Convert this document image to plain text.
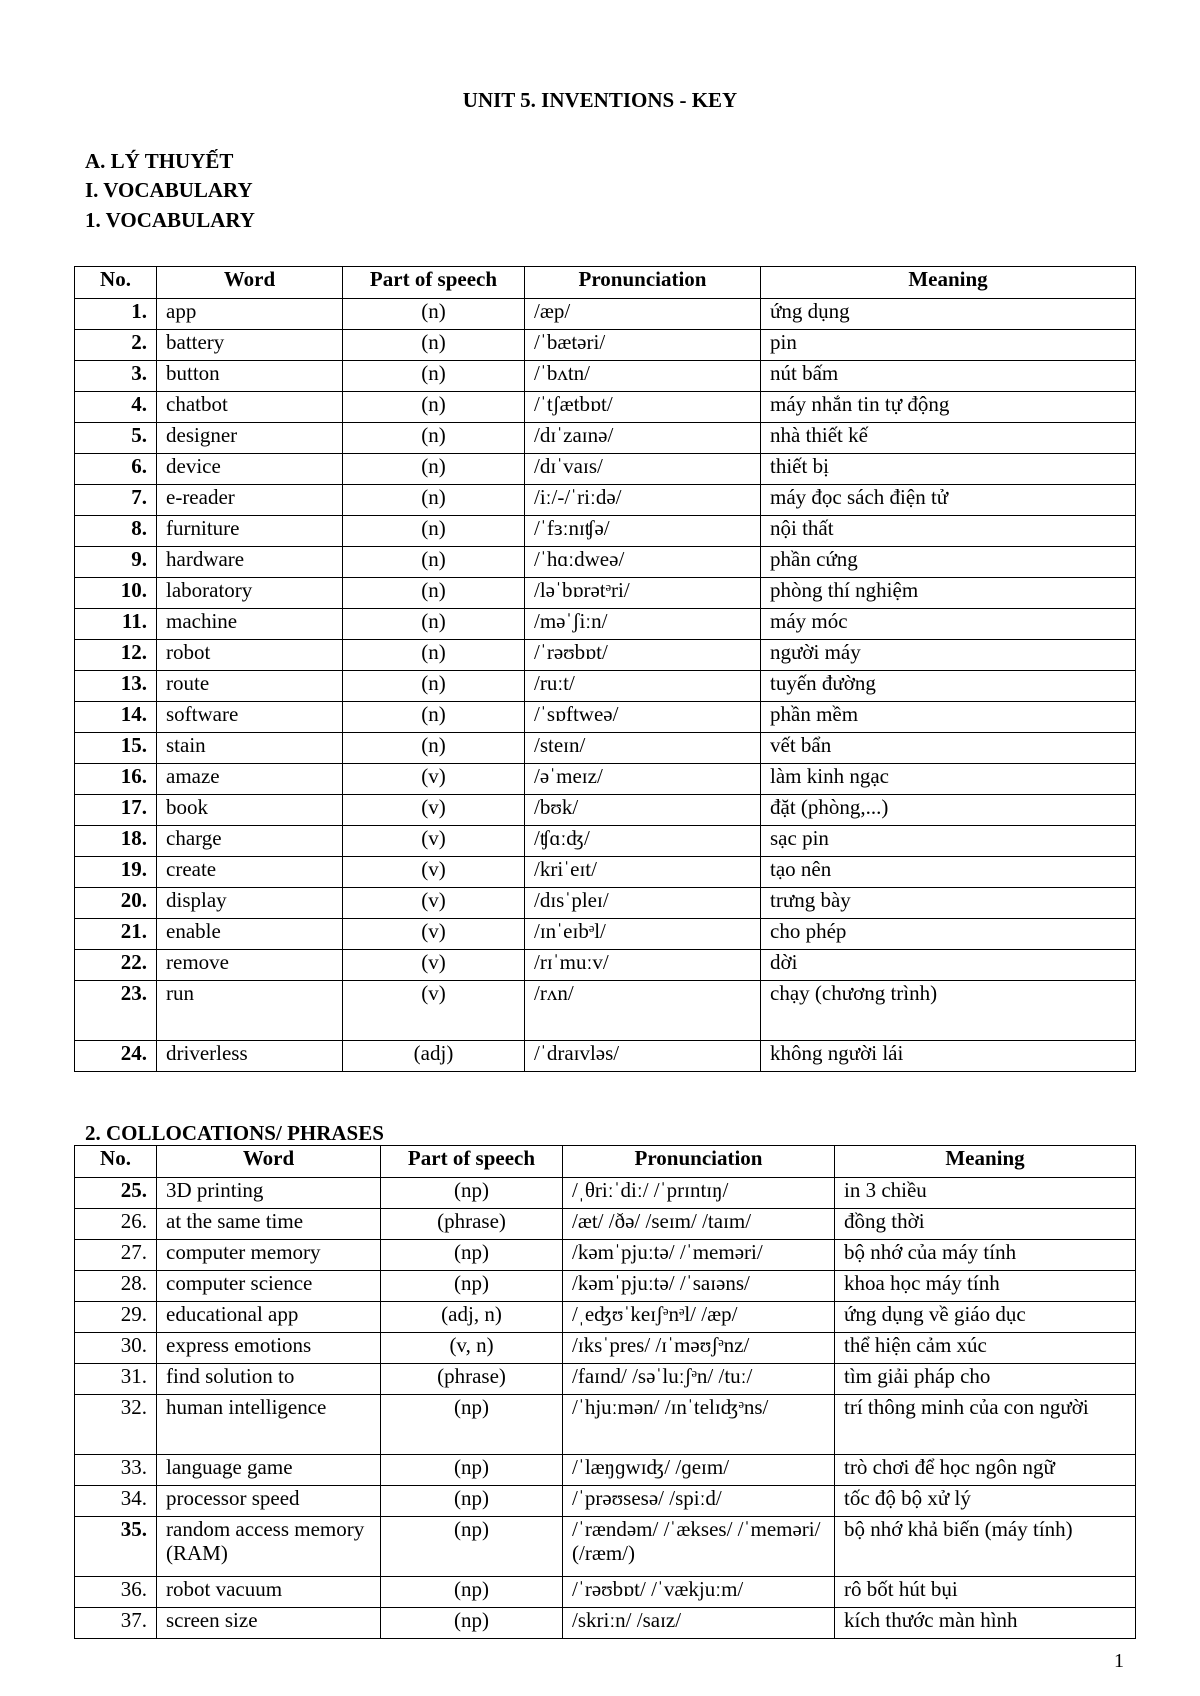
UNIT 5. INVENTIONS - KEY

A. LÝ THUYẾT

I. VOCABULARY

1. VOCABULARY

No.	Word	Part of speech	Pronunciation	Meaning
1.	app	(n)	/æp/	ứng dụng
2.	battery	(n)	/ˈbætəri/	pin
3.	button	(n)	/ˈbʌtn/	nút bấm
4.	chatbot	(n)	/ˈtʃætbɒt/	máy nhắn tin tự động
5.	designer	(n)	/dɪˈzaɪnə/	nhà thiết kế
6.	device	(n)	/dɪˈvaɪs/	thiết bị
7.	e-reader	(n)	/iː/-/ˈriːdə/	máy đọc sách điện tử
8.	furniture	(n)	/ˈfɜːnɪʧə/	nội thất
9.	hardware	(n)	/ˈhɑːdweə/	phần cứng
10.	laboratory	(n)	/ləˈbɒrətᵊri/	phòng thí nghiệm
11.	machine	(n)	/məˈʃiːn/	máy móc
12.	robot	(n)	/ˈrəʊbɒt/	người máy
13.	route	(n)	/ruːt/	tuyến đường
14.	software	(n)	/ˈsɒftweə/	phần mềm
15.	stain	(n)	/steɪn/	vết bẩn
16.	amaze	(v)	/əˈmeɪz/	làm kinh ngạc
17.	book	(v)	/bʊk/	đặt (phòng,...)
18.	charge	(v)	/ʧɑːʤ/	sạc pin
19.	create	(v)	/kriˈeɪt/	tạo nên
20.	display	(v)	/dɪsˈpleɪ/	trưng bày
21.	enable	(v)	/ɪnˈeɪbᵊl/	cho phép
22.	remove	(v)	/rɪˈmuːv/	dời
23.	run	(v)	/rʌn/	chạy (chương trình)
24.	driverless	(adj)	/ˈdraɪvləs/	không người lái

2. COLLOCATIONS/ PHRASES

No.	Word	Part of speech	Pronunciation	Meaning
25.	3D printing	(np)	/ˌθriːˈdiː/ /ˈprɪntɪŋ/	in 3 chiều
26.	at the same time	(phrase)	/æt/ /ðə/ /seɪm/ /taɪm/	đồng thời
27.	computer memory	(np)	/kəmˈpjuːtə/ /ˈmeməri/	bộ nhớ của máy tính
28.	computer science	(np)	/kəmˈpjuːtə/ /ˈsaɪəns/	khoa học máy tính
29.	educational app	(adj, n)	/ˌeʤʊˈkeɪʃᵊnᵊl/ /æp/	ứng dụng về giáo dục
30.	express emotions	(v, n)	/ɪksˈpres/ /ɪˈməʊʃᵊnz/	thể hiện cảm xúc
31.	find solution to	(phrase)	/faɪnd/ /səˈluːʃᵊn/ /tuː/	tìm giải pháp cho
32.	human intelligence	(np)	/ˈhjuːmən/ /ɪnˈtelɪʤᵊns/	trí thông minh của con người
33.	language game	(np)	/ˈlæŋɡwɪʤ/ /ɡeɪm/	trò chơi để học ngôn ngữ
34.	processor speed	(np)	/ˈprəʊsesə/ /spiːd/	tốc độ bộ xử lý
35.	random access memory (RAM)	(np)	/ˈrændəm/ /ˈækses/ /ˈmeməri/ (/ræm/)	bộ nhớ khả biến (máy tính)
36.	robot vacuum	(np)	/ˈrəʊbɒt/ /ˈvækjuːm/	rô bốt hút bụi
37.	screen size	(np)	/skriːn/ /saɪz/	kích thước màn hình
1
